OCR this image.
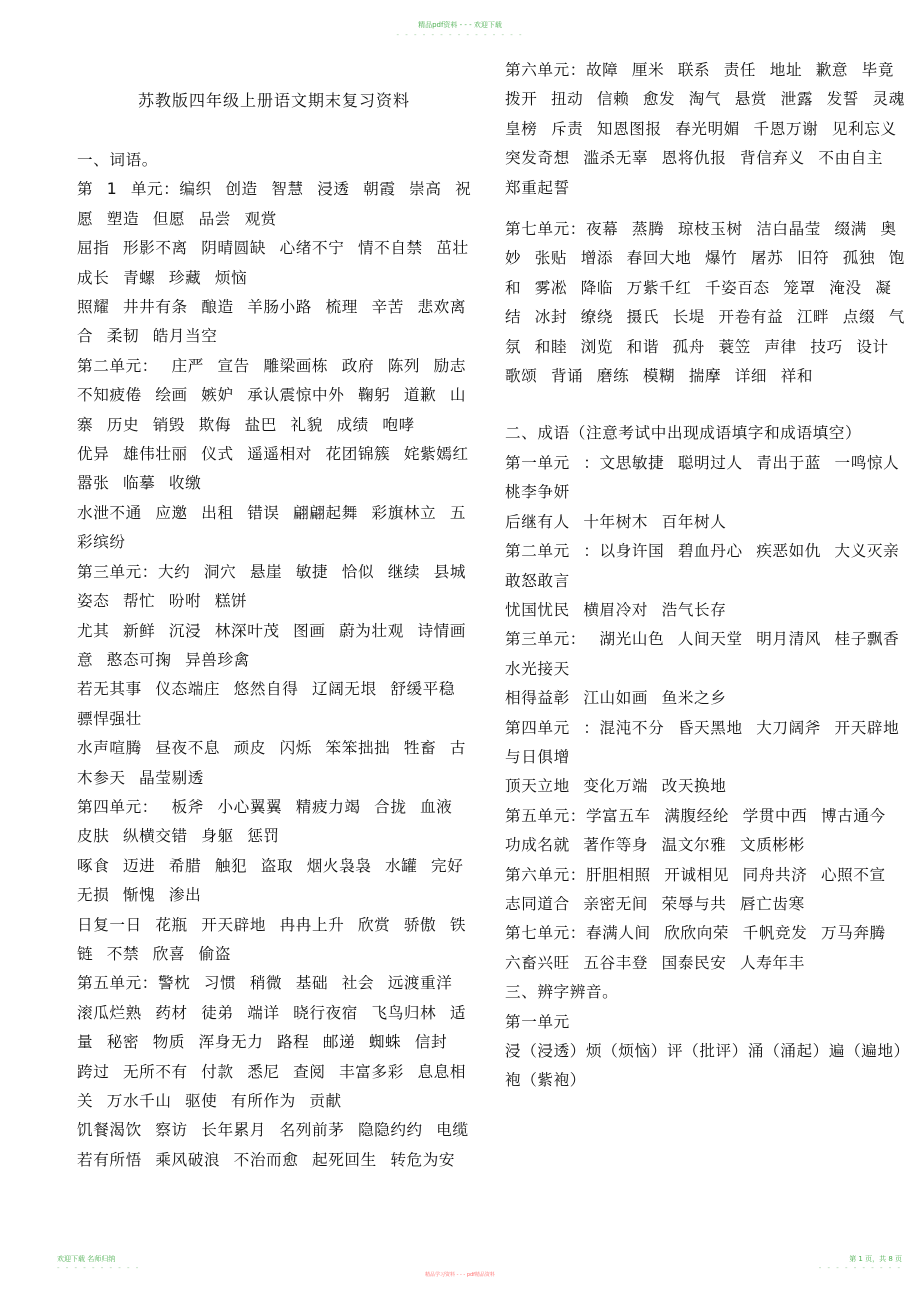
精品pdf资料 - - - 欢迎下载
- - - - - - - - - - - - - - -
苏教版四年级上册语文期末复习资料

一、词语。

第 1 单元：编织 创造 智慧 浸透 朝霞 崇高 祝愿 塑造 但愿 品尝 观赏

屈指 形影不离 阴晴圆缺 心绪不宁 情不自禁 茁壮成长 青螺 珍藏 烦恼

照耀 井井有条 酿造 羊肠小路 梳理 辛苦 悲欢离合 柔韧 皓月当空

第二单元： 庄严 宣告 雕梁画栋 政府 陈列 励志 不知疲倦 绘画 嫉妒 承认震惊中外 鞠躬 道歉 山寨 历史 销毁 欺侮 盐巴 礼貌 成绩 咆哮

优异 雄伟壮丽 仪式 遥遥相对 花团锦簇 姹紫嫣红 嚣张 临摹 收缴

水泄不通 应邀 出租 错误 翩翩起舞 彩旗林立 五彩缤纷

第三单元：大约 洞穴 悬崖 敏捷 恰似 继续 县城 姿态 帮忙 吩咐 糕饼

尤其 新鲜 沉浸 林深叶茂 图画 蔚为壮观 诗情画意 憨态可掬 异兽珍禽

若无其事 仪态端庄 悠然自得 辽阔无垠 舒缓平稳 骠悍强壮

水声喧腾 昼夜不息 顽皮 闪烁 笨笨拙拙 牲畜 古木参天 晶莹剔透

第四单元： 板斧 小心翼翼 精疲力竭 合拢 血液 皮肤 纵横交错 身躯 惩罚

啄食 迈进 希腊 触犯 盗取 烟火袅袅 水罐 完好无损 惭愧 渗出

日复一日 花瓶 开天辟地 冉冉上升 欣赏 骄傲 铁链 不禁 欣喜 偷盗

第五单元：警枕 习惯 稍微 基础 社会 远渡重洋 滚瓜烂熟 药材 徒弟 端详 晓行夜宿 飞鸟归林 适量 秘密 物质 浑身无力 路程 邮递 蜘蛛 信封 跨过 无所不有 付款 悉尼 查阅 丰富多彩 息息相关 万水千山 驱使 有所作为 贡献

饥餐渴饮 察访 长年累月 名列前茅 隐隐约约 电缆 若有所悟 乘风破浪 不治而愈 起死回生 转危为安

第六单元：故障 厘米 联系 责任 地址 歉意 毕竟 拨开 扭动 信赖 愈发 淘气 悬赏 泄露 发誓 灵魂 皇榜 斥责 知恩图报 春光明媚 千恩万谢 见利忘义 突发奇想 滥杀无辜 恩将仇报 背信弃义 不由自主 郑重起誓

第七单元：夜幕 蒸腾 琼枝玉树 洁白晶莹 缀满 奥妙 张贴 增添 春回大地 爆竹 屠苏 旧符 孤独 饱和 雾凇 降临 万紫千红 千姿百态 笼罩 淹没 凝结 冰封 缭绕 摄氏 长堤 开卷有益 江畔 点缀 气氛 和睦 浏览 和谐 孤舟 蓑笠 声律 技巧 设计 歌颂 背诵 磨练 模糊 揣摩 详细 祥和

二、成语（注意考试中出现成语填字和成语填空）

第一单元 ：文思敏捷 聪明过人 青出于蓝 一鸣惊人 桃李争妍

后继有人 十年树木 百年树人

第二单元 ：以身许国 碧血丹心 疾恶如仇 大义灭亲 敢怒敢言

忧国忧民 横眉冷对 浩气长存

第三单元： 湖光山色 人间天堂 明月清风 桂子飘香 水光接天

相得益彰 江山如画 鱼米之乡

第四单元 ：混沌不分 昏天黑地 大刀阔斧 开天辟地 与日俱增

顶天立地 变化万端 改天换地

第五单元：学富五车 满腹经纶 学贯中西 博古通今 功成名就 著作等身 温文尔雅 文质彬彬

第六单元：肝胆相照 开诚相见 同舟共济 心照不宣 志同道合 亲密无间 荣辱与共 唇亡齿寒

第七单元：春满人间 欣欣向荣 千帆竞发 万马奔腾 六畜兴旺 五谷丰登 国泰民安 人寿年丰

三、辨字辨音。

第一单元

浸（浸透）烦（烦恼）评（批评）涌（涌起）遍（遍地）袍（紫袍）

欢迎下载 名师归纳
- - - - - - - - - -
精品学习资料 - - - pdf精品资料
第 1 页，共 8 页
- - - - - - - - - -
